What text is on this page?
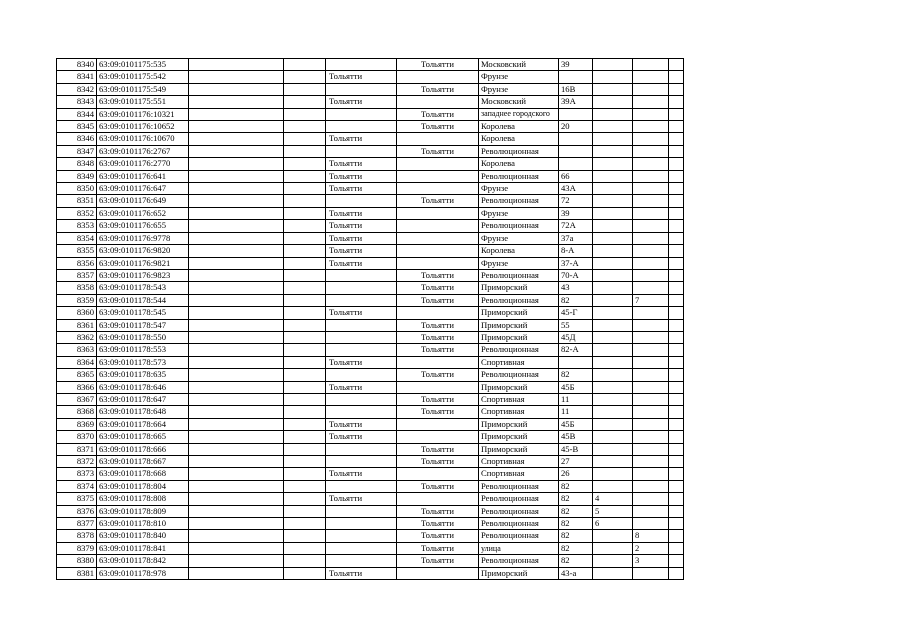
8340	63:09:0101175:535				Тольятти	Московский	39			
8341	63:09:0101175:542			Тольятти		Фрунзе				
8342	63:09:0101175:549				Тольятти	Фрунзе	16В			
8343	63:09:0101175:551			Тольятти		Московский	39А			
8344	63:09:0101176:10321				Тольятти	западнее городского				
8345	63:09:0101176:10652				Тольятти	Королева	20			
8346	63:09:0101176:10670			Тольятти		Королева				
8347	63:09:0101176:2767				Тольятти	Революционная				
8348	63:09:0101176:2770			Тольятти		Королева				
8349	63:09:0101176:641			Тольятти		Революционная	66			
8350	63:09:0101176:647			Тольятти		Фрунзе	43А			
8351	63:09:0101176:649				Тольятти	Революционная	72			
8352	63:09:0101176:652			Тольятти		Фрунзе	39			
8353	63:09:0101176:655			Тольятти		Революционная	72А			
8354	63:09:0101176:9778			Тольятти		Фрунзе	37а			
8355	63:09:0101176:9820			Тольятти		Королева	8-А			
8356	63:09:0101176:9821			Тольятти		Фрунзе	37-А			
8357	63:09:0101176:9823				Тольятти	Революционная	70-А			
8358	63:09:0101178:543				Тольятти	Приморский	43			
8359	63:09:0101178:544				Тольятти	Революционная	82		7	
8360	63:09:0101178:545			Тольятти		Приморский	45-Г			
8361	63:09:0101178:547				Тольятти	Приморский	55			
8362	63:09:0101178:550				Тольятти	Приморский	45Д			
8363	63:09:0101178:553				Тольятти	Революционная	82-А			
8364	63:09:0101178:573			Тольятти		Спортивная				
8365	63:09:0101178:635				Тольятти	Революционная	82			
8366	63:09:0101178:646			Тольятти		Приморский	45Б			
8367	63:09:0101178:647				Тольятти	Спортивная	11			
8368	63:09:0101178:648				Тольятти	Спортивная	11			
8369	63:09:0101178:664			Тольятти		Приморский	45Б			
8370	63:09:0101178:665			Тольятти		Приморский	45В			
8371	63:09:0101178:666				Тольятти	Приморский	45-В			
8372	63:09:0101178:667				Тольятти	Спортивная	27			
8373	63:09:0101178:668			Тольятти		Спортивная	26			
8374	63:09:0101178:804				Тольятти	Революционная	82			
8375	63:09:0101178:808			Тольятти		Революционная	82	4		
8376	63:09:0101178:809				Тольятти	Революционная	82	5		
8377	63:09:0101178:810				Тольятти	Революционная	82	6		
8378	63:09:0101178:840				Тольятти	Революционная	82		8	
8379	63:09:0101178:841				Тольятти	улица	82		2	
8380	63:09:0101178:842				Тольятти	Революционная	82		3	
8381	63:09:0101178:978			Тольятти		Приморский	43-а			
